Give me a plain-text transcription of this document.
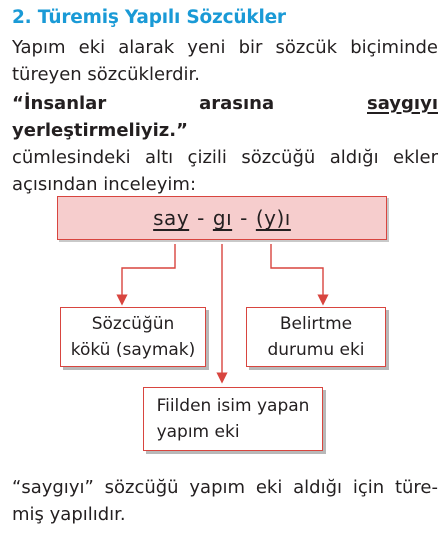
2. Türemiş Yapılı Sözcükler

Yapım eki alarak yeni bir sözcük biçiminde
türeyen sözcüklerdir.

“İnsanlar arasına saygıyı yerleştirmeliyiz.”
cümlesindeki altı çizili sözcüğü aldığı ekler
açısından inceleyim:

say - gı - (y)ı
Sözcüğün
kökü (saymak)
Belirtme
durumu eki
Fiilden isim yapan
yapım eki

“saygıyı” sözcüğü yapım eki aldığı için türe-
miş yapılıdır.
